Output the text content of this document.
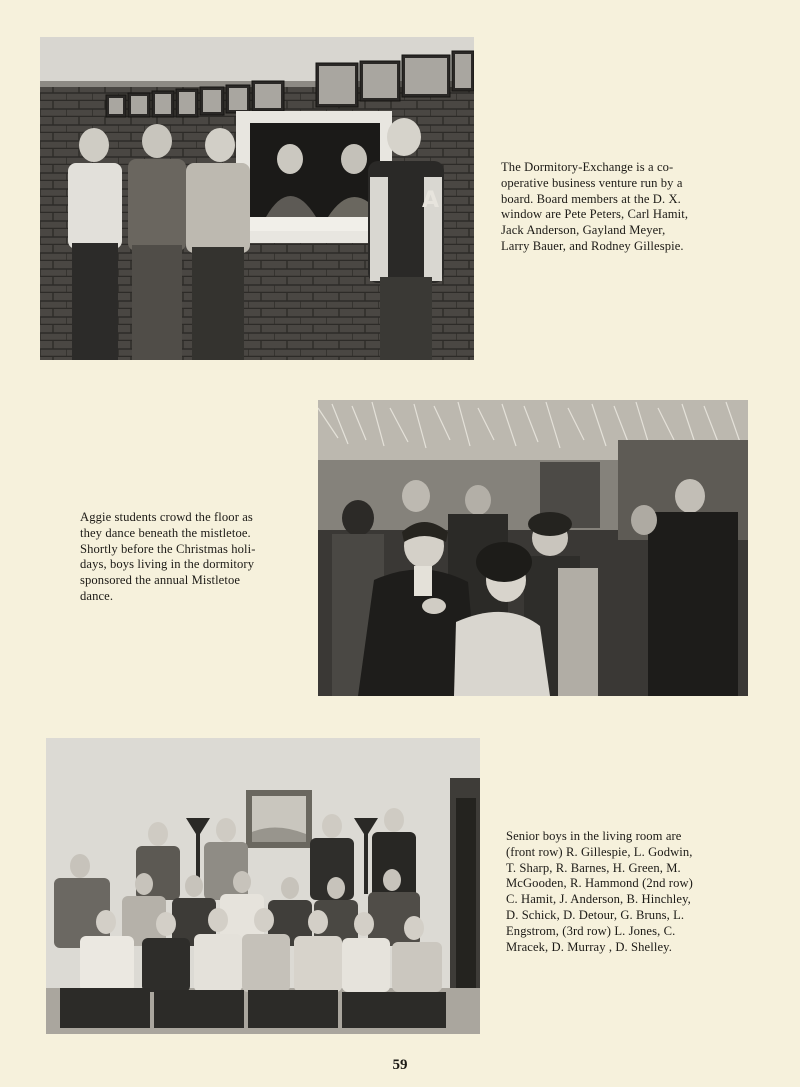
A
The Dormitory-Exchange is a co-
operative business venture run by a
board. Board members at the D. X.
window are Pete Peters, Carl Hamit,
Jack Anderson, Gayland Meyer,
Larry Bauer, and Rodney Gillespie.
Aggie students crowd the floor as
they dance beneath the mistletoe.
Shortly before the Christmas holi-
days, boys living in the dormitory
sponsored the annual Mistletoe
dance.
Senior boys in the living room are
(front row) R. Gillespie, L. Godwin,
T. Sharp, R. Barnes, H. Green, M.
McGooden, R. Hammond (2nd row)
C. Hamit, J. Anderson, B. Hinchley,
D. Schick, D. Detour, G. Bruns, L.
Engstrom, (3rd row) L. Jones, C.
Mracek, D. Murray , D. Shelley.
59
